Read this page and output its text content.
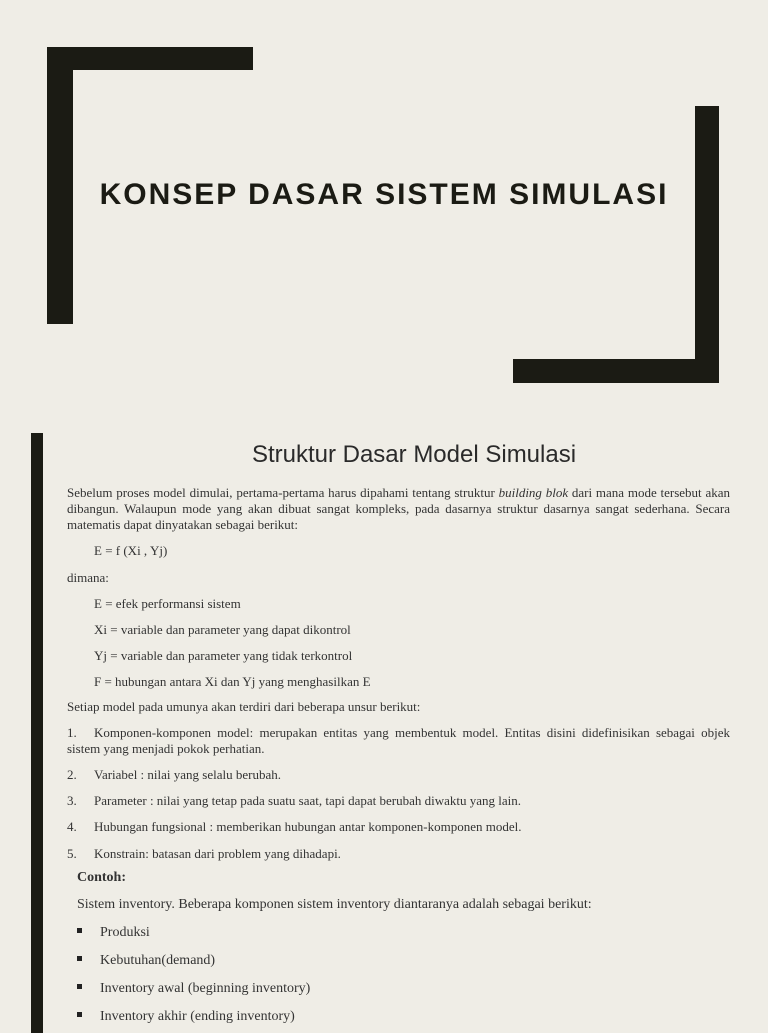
KONSEP DASAR SISTEM SIMULASI
Struktur Dasar Model Simulasi
Sebelum proses model dimulai, pertama-pertama harus dipahami tentang struktur building blok dari mana mode tersebut akan dibangun. Walaupun mode yang akan dibuat sangat kompleks, pada dasarnya struktur dasarnya sangat sederhana. Secara matematis dapat dinyatakan sebagai berikut:
E = f (Xi , Yj)
dimana:
E = efek performansi sistem
Xi = variable dan parameter yang dapat dikontrol
Yj = variable dan parameter yang tidak terkontrol
F = hubungan antara Xi dan Yj yang menghasilkan E
Setiap model pada umunya akan terdiri dari beberapa unsur berikut:
1. Komponen-komponen model: merupakan entitas yang membentuk model. Entitas disini didefinisikan sebagai objek sistem yang menjadi pokok perhatian.
2. Variabel : nilai yang selalu berubah.
3. Parameter : nilai yang tetap pada suatu saat, tapi dapat berubah diwaktu yang lain.
4. Hubungan fungsional : memberikan hubungan antar komponen-komponen model.
5. Konstrain: batasan dari problem yang dihadapi.
Contoh:
Sistem inventory. Beberapa komponen sistem inventory diantaranya adalah sebagai berikut:
Produksi
Kebutuhan(demand)
Inventory awal (beginning inventory)
Inventory akhir (ending inventory)
